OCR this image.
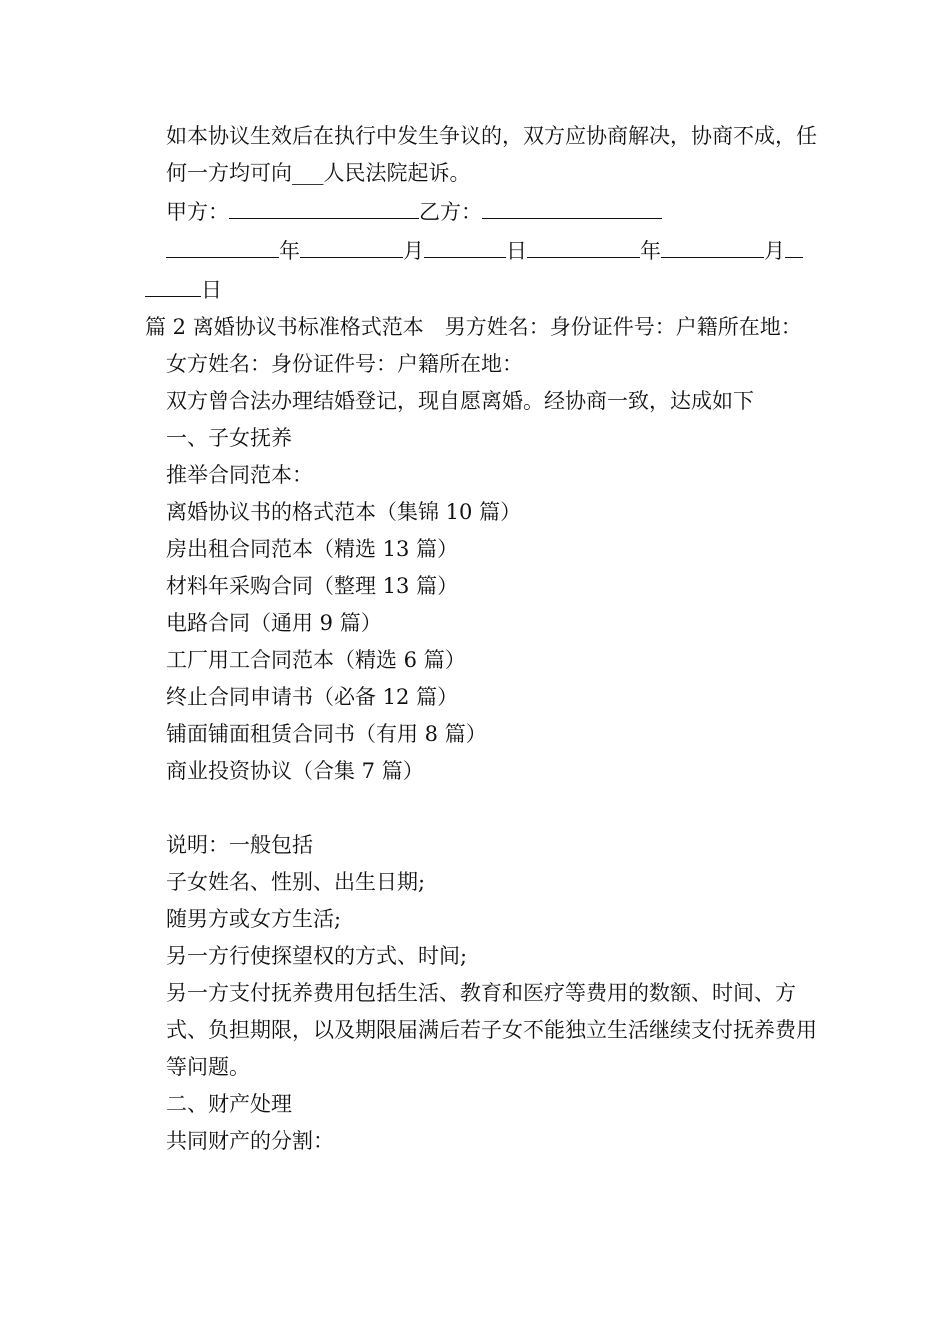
如本协议生效后在执行中发生争议的，双方应协商解决，协商不成，任何一方均可向___人民法院起诉。

甲方：	乙方：

年	月	日	年	月
日

篇 2 离婚协议书标准格式范本　男方姓名：身份证件号：户籍所在地：

女方姓名：身份证件号：户籍所在地：

双方曾合法办理结婚登记，现自愿离婚。经协商一致，达成如下

一、子女抚养

推举合同范本：

离婚协议书的格式范本（集锦 10 篇）

房出租合同范本（精选 13 篇）

材料年采购合同（整理 13 篇）

电路合同（通用 9 篇）

工厂用工合同范本（精选 6 篇）

终止合同申请书（必备 12 篇）

铺面铺面租赁合同书（有用 8 篇）

商业投资协议（合集 7 篇）

说明：一般包括

子女姓名、性别、出生日期;

随男方或女方生活;

另一方行使探望权的方式、时间;

另一方支付抚养费用包括生活、教育和医疗等费用的数额、时间、方式、负担期限，以及期限届满后若子女不能独立生活继续支付抚养费用等问题。

二、财产处理

共同财产的分割：
